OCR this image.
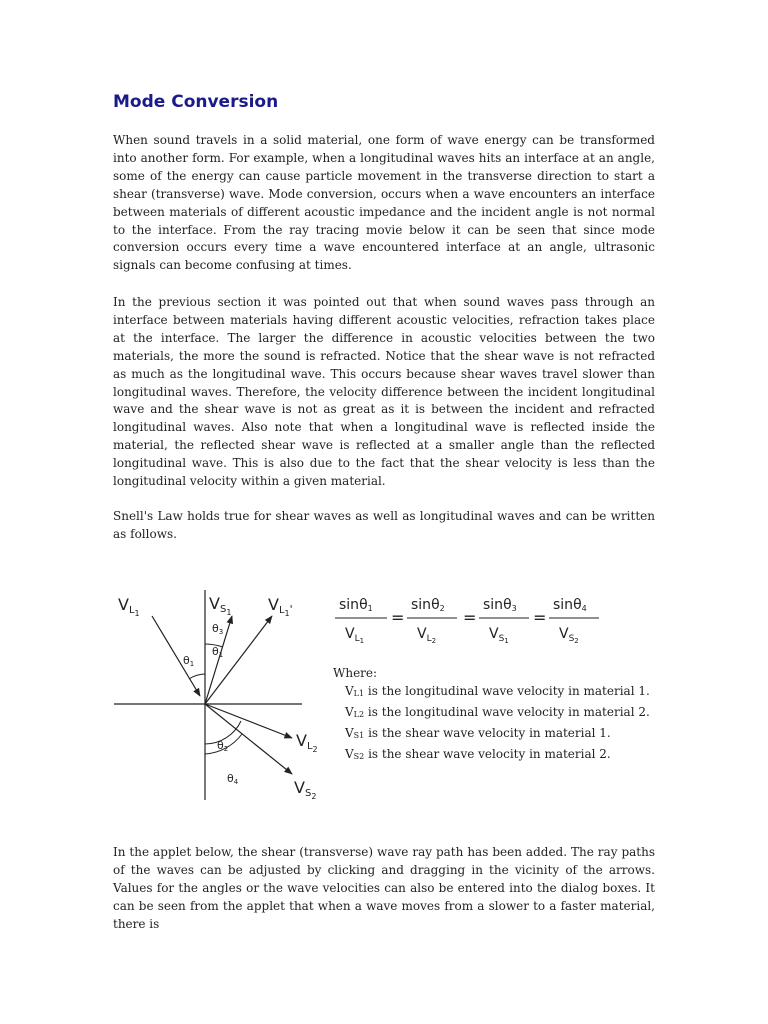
Mode Conversion

When sound travels in a solid material, one form of wave energy can be transformed into another form. For example, when a longitudinal waves hits an interface at an angle, some of the energy can cause particle movement in the transverse direction to start a shear (transverse) wave. Mode conversion, occurs when a wave encounters an interface between materials of different acoustic impedance and the incident angle is not normal to the interface. From the ray tracing movie below it can be seen that since mode conversion occurs every time a wave encountered interface at an angle, ultrasonic signals can become confusing at times.

In the previous section it was pointed out that when sound waves pass through an interface between materials having different acoustic velocities, refraction takes place at the interface. The larger the difference in acoustic velocities between the two materials, the more the sound is refracted. Notice that the shear wave is not refracted as much as the longitudinal wave. This occurs because shear waves travel slower than longitudinal waves. Therefore, the velocity difference between the incident longitudinal wave and the shear wave is not as great as it is between the incident and refracted longitudinal waves. Also note that when a longitudinal wave is reflected inside the material, the reflected shear wave is reflected at a smaller angle than the reflected longitudinal wave. This is also due to the fact that the shear velocity is less than the longitudinal velocity within a given material.

Snell's Law holds true for shear waves as well as longitudinal waves and can be written as follows.

VL1
VS1 VL1'
VL2
VS2
θ1
θ3
θ1
θ2
θ4
sinθ1
$V_L1$
=
sinθ2
$V_L2$
=
sinθ3
$V_S1$
=
sinθ4
$V_S2$
Where:
$V_{L1}$ is the longitudinal wave velocity in material 1.
$V_{L2}$ is the longitudinal wave velocity in material 2.
$V_{S1}$ is the shear wave velocity in material 1.
$V_{S2}$ is the shear wave velocity in material 2.

In the applet below, the shear (transverse) wave ray path has been added. The ray paths of the waves can be adjusted by clicking and dragging in the vicinity of the arrows. Values for the angles or the wave velocities can also be entered into the dialog boxes. It can be seen from the applet that when a wave moves from a slower to a faster material, there is
